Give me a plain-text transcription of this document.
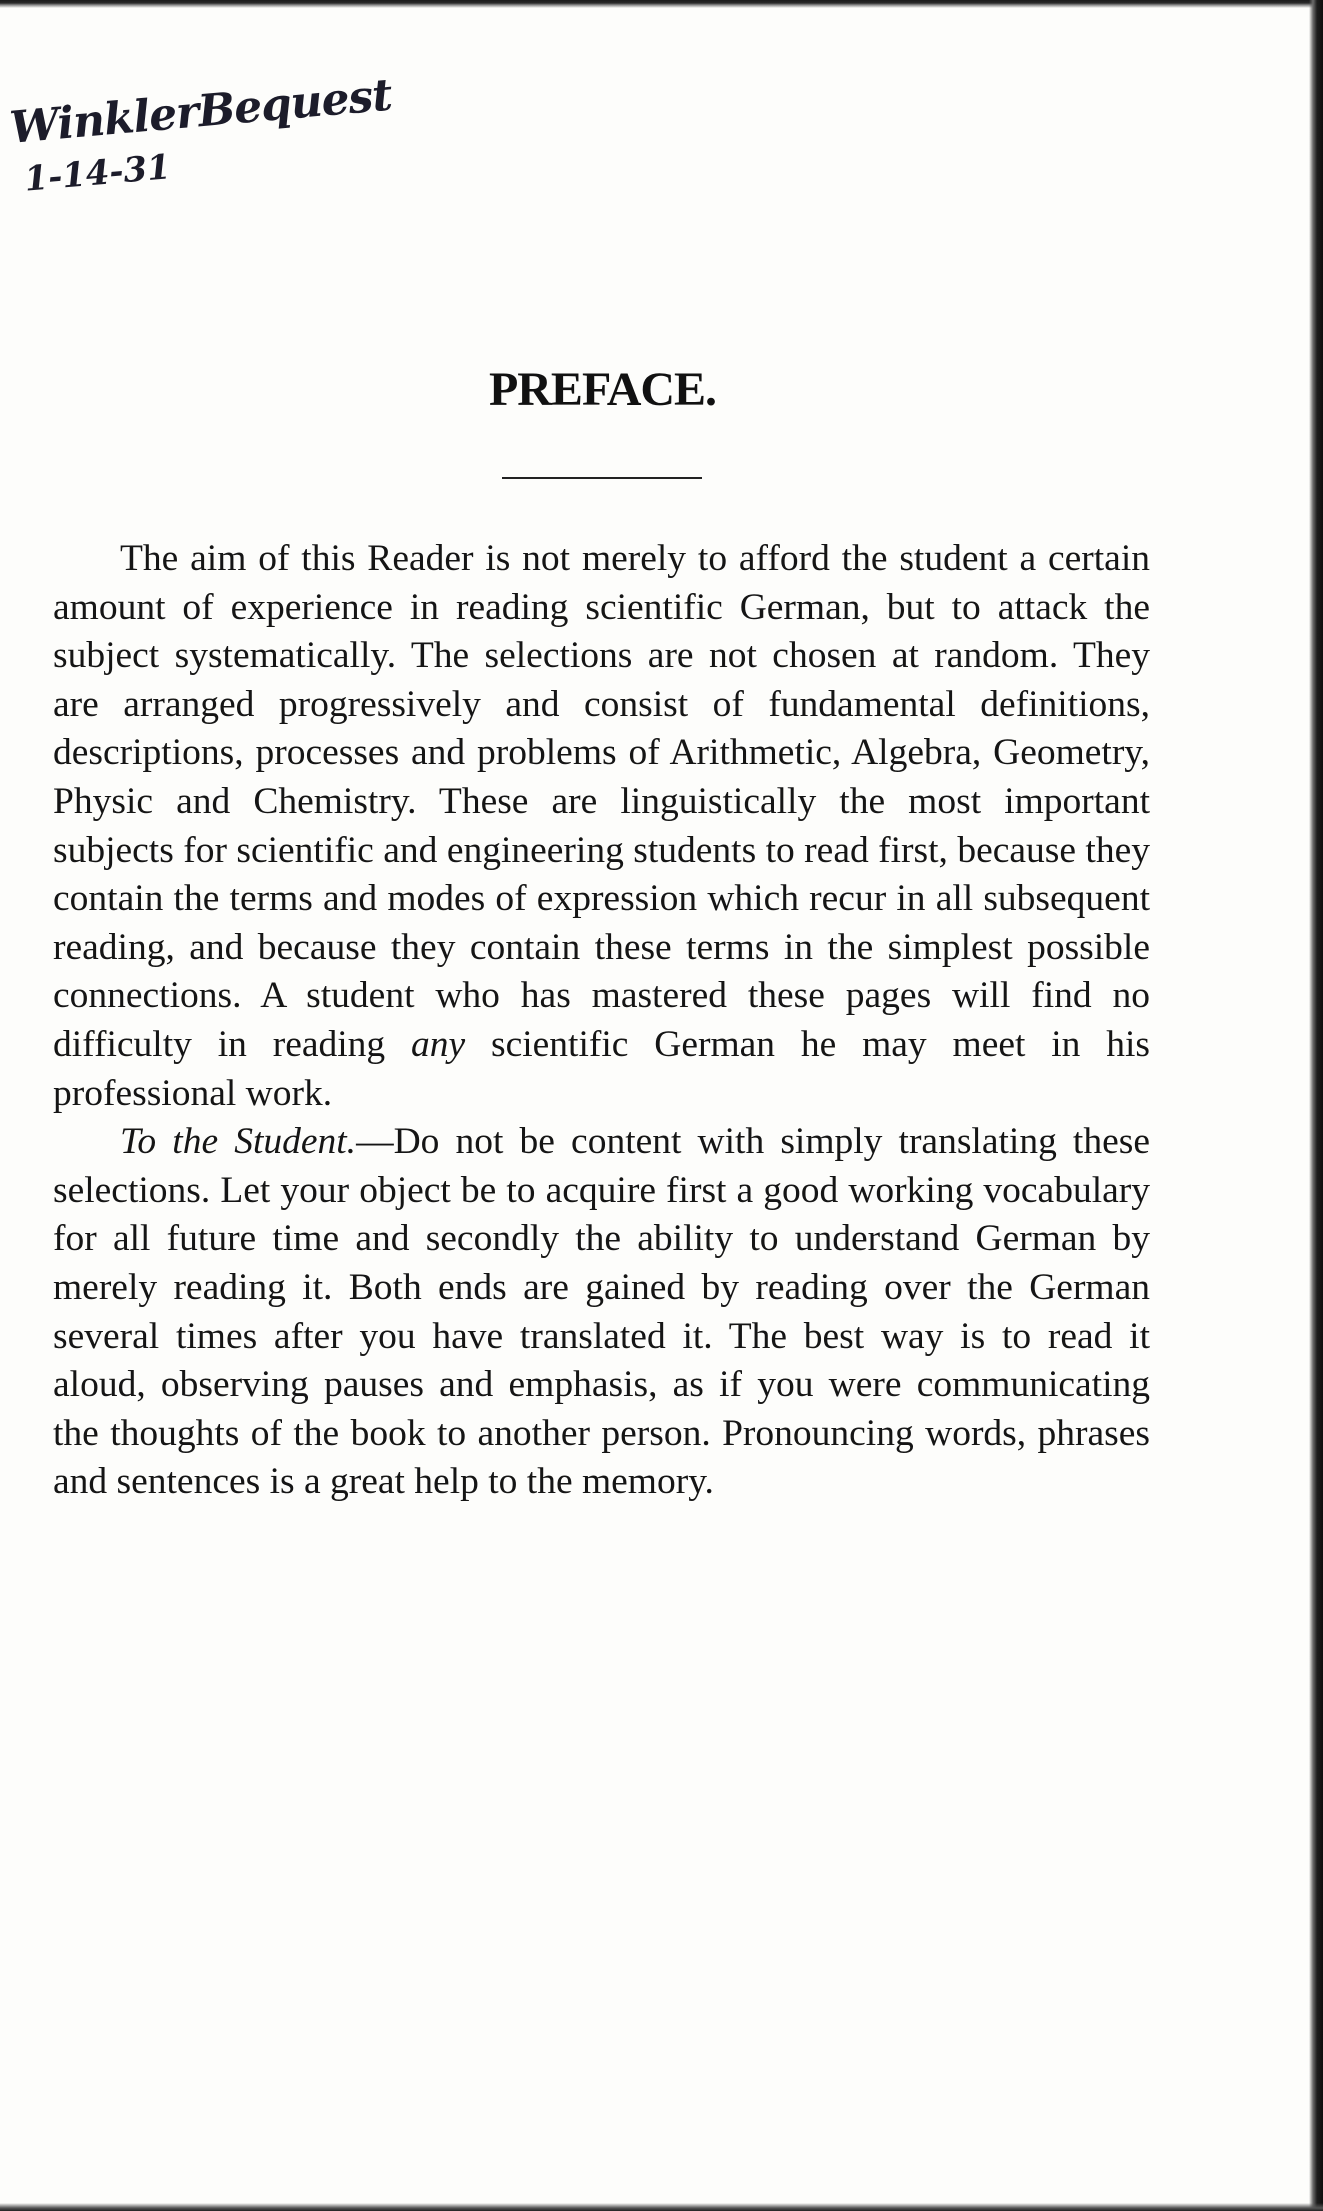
WinklerBequest
1-14-31
PREFACE.

The aim of this Reader is not merely to afford the student a certain amount of experience in reading scientific German, but to attack the subject systematically. The selections are not chosen at random. They are arranged progressively and consist of fundamental definitions, descriptions, processes and problems of Arithmetic, Algebra, Geometry, Physic and Chemistry. These are linguistically the most important subjects for scientific and engineering students to read first, because they contain the terms and modes of expression which recur in all subsequent reading, and because they contain these terms in the simplest possible connections. A student who has mastered these pages will find no difficulty in reading any scientific German he may meet in his professional work.

To the Student.—Do not be content with simply translating these selections. Let your object be to acquire first a good working vocabulary for all future time and secondly the ability to understand German by merely reading it. Both ends are gained by reading over the German several times after you have translated it. The best way is to read it aloud, observing pauses and emphasis, as if you were communicating the thoughts of the book to another person. Pronouncing words, phrases and sentences is a great help to the memory.
